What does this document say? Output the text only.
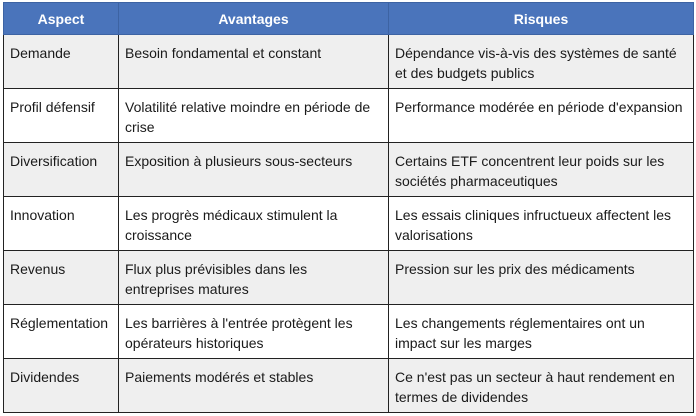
Aspect	Avantages	Risques
Demande	Besoin fondamental et constant	Dépendance vis-à-vis des systèmes de santé et des budgets publics
Profil défensif	Volatilité relative moindre en période de crise	Performance modérée en période d'expansion
Diversification	Exposition à plusieurs sous-secteurs	Certains ETF concentrent leur poids sur les sociétés pharmaceutiques
Innovation	Les progrès médicaux stimulent la croissance	Les essais cliniques infructueux affectent les valorisations
Revenus	Flux plus prévisibles dans les entreprises matures	Pression sur les prix des médicaments
Réglementation	Les barrières à l'entrée protègent les opérateurs historiques	Les changements réglementaires ont un impact sur les marges
Dividendes	Paiements modérés et stables	Ce n'est pas un secteur à haut rendement en termes de dividendes
